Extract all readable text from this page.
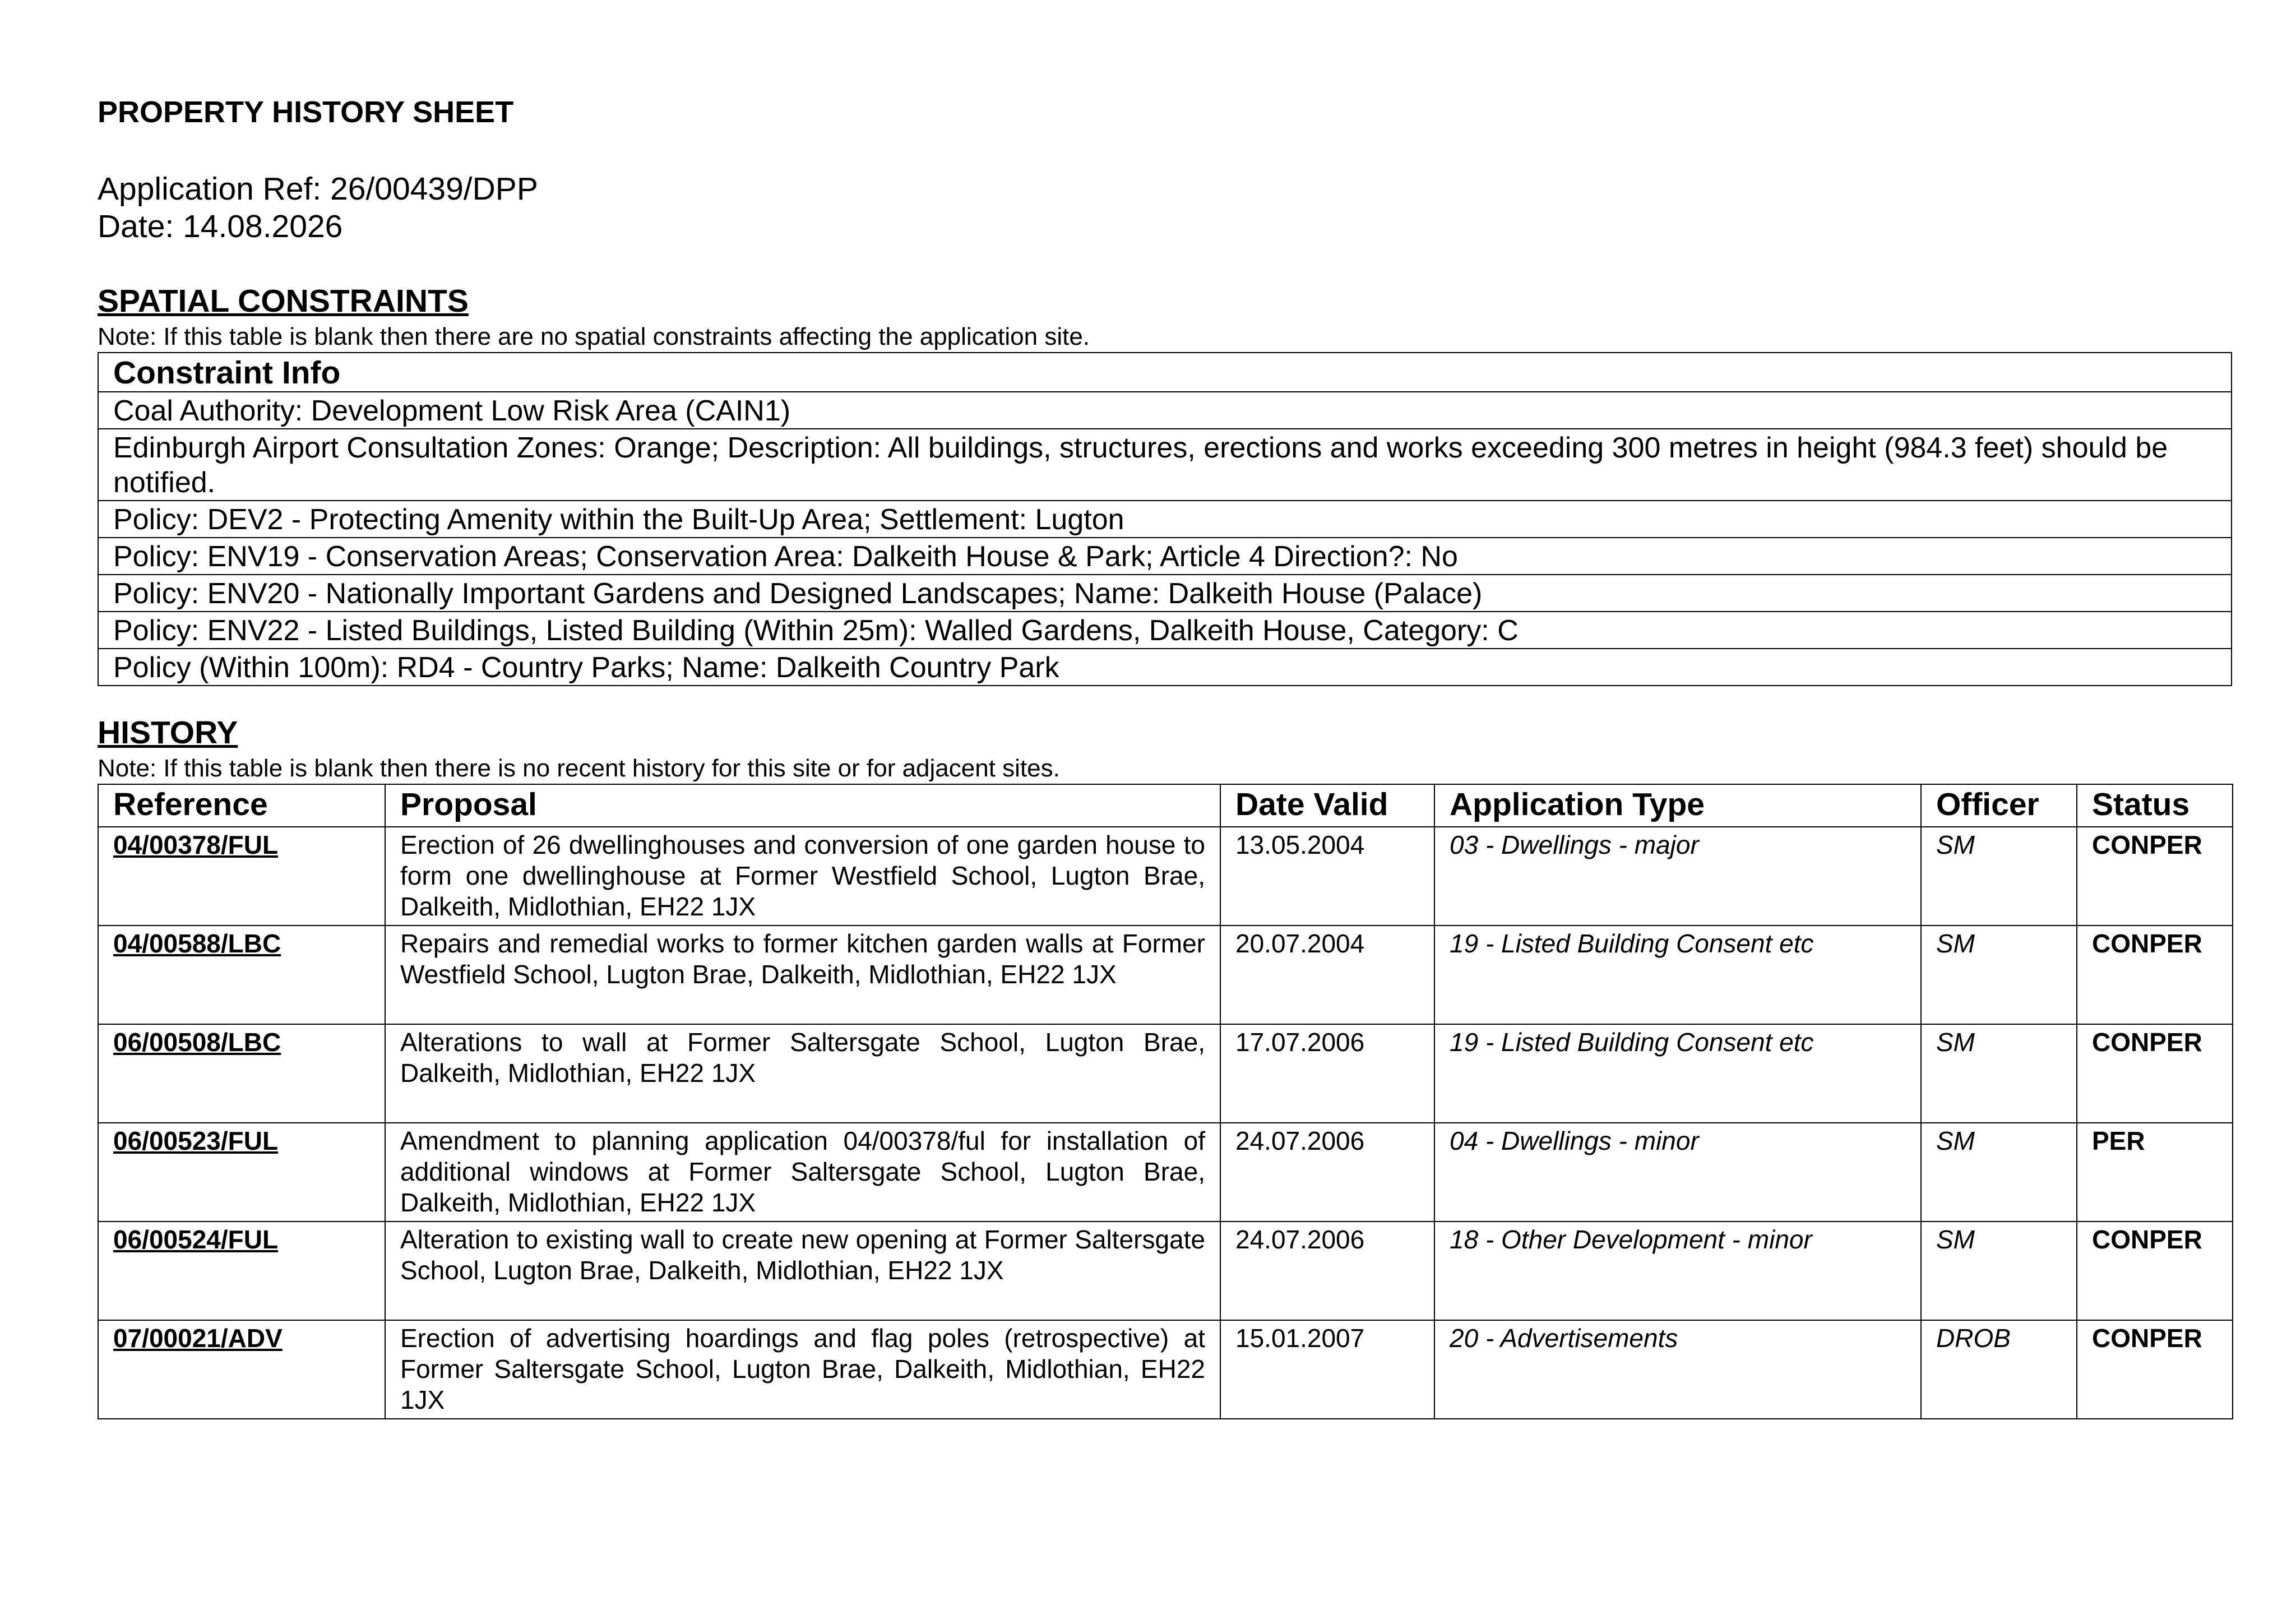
PROPERTY HISTORY SHEET
Application Ref: 26/00439/DPP
Date: 14.08.2026
SPATIAL CONSTRAINTS
Note: If this table is blank then there are no spatial constraints affecting the application site.
Constraint Info
Coal Authority: Development Low Risk Area (CAIN1)
Edinburgh Airport Consultation Zones: Orange; Description: All buildings, structures, erections and works exceeding 300 metres in height (984.3 feet) should be notified.
Policy: DEV2 - Protecting Amenity within the Built-Up Area; Settlement: Lugton
Policy: ENV19 - Conservation Areas; Conservation Area: Dalkeith House & Park; Article 4 Direction?: No
Policy: ENV20 - Nationally Important Gardens and Designed Landscapes; Name: Dalkeith House (Palace)
Policy: ENV22 - Listed Buildings, Listed Building (Within 25m): Walled Gardens, Dalkeith House, Category: C
Policy (Within 100m): RD4 - Country Parks; Name: Dalkeith Country Park
HISTORY
Note: If this table is blank then there is no recent history for this site or for adjacent sites.
Reference	Proposal	Date Valid	Application Type	Officer	Status
04/00378/FUL	Erection of 26 dwellinghouses and conversion of one garden house to form one dwellinghouse at Former Westfield School, Lugton Brae, Dalkeith, Midlothian, EH22 1JX	13.05.2004	03 - Dwellings - major	SM	CONPER
04/00588/LBC	Repairs and remedial works to former kitchen garden walls at Former Westfield School, Lugton Brae, Dalkeith, Midlothian, EH22 1JX	20.07.2004	19 - Listed Building Consent etc	SM	CONPER
06/00508/LBC	Alterations to wall at Former Saltersgate School, Lugton Brae, Dalkeith, Midlothian, EH22 1JX	17.07.2006	19 - Listed Building Consent etc	SM	CONPER
06/00523/FUL	Amendment to planning application 04/00378/ful for installation of additional windows at Former Saltersgate School, Lugton Brae, Dalkeith, Midlothian, EH22 1JX	24.07.2006	04 - Dwellings - minor	SM	PER
06/00524/FUL	Alteration to existing wall to create new opening at Former Saltersgate School, Lugton Brae, Dalkeith, Midlothian, EH22 1JX	24.07.2006	18 - Other Development - minor	SM	CONPER
07/00021/ADV	Erection of advertising hoardings and flag poles (retrospective) at Former Saltersgate School, Lugton Brae, Dalkeith, Midlothian, EH22 1JX	15.01.2007	20 - Advertisements	DROB	CONPER
